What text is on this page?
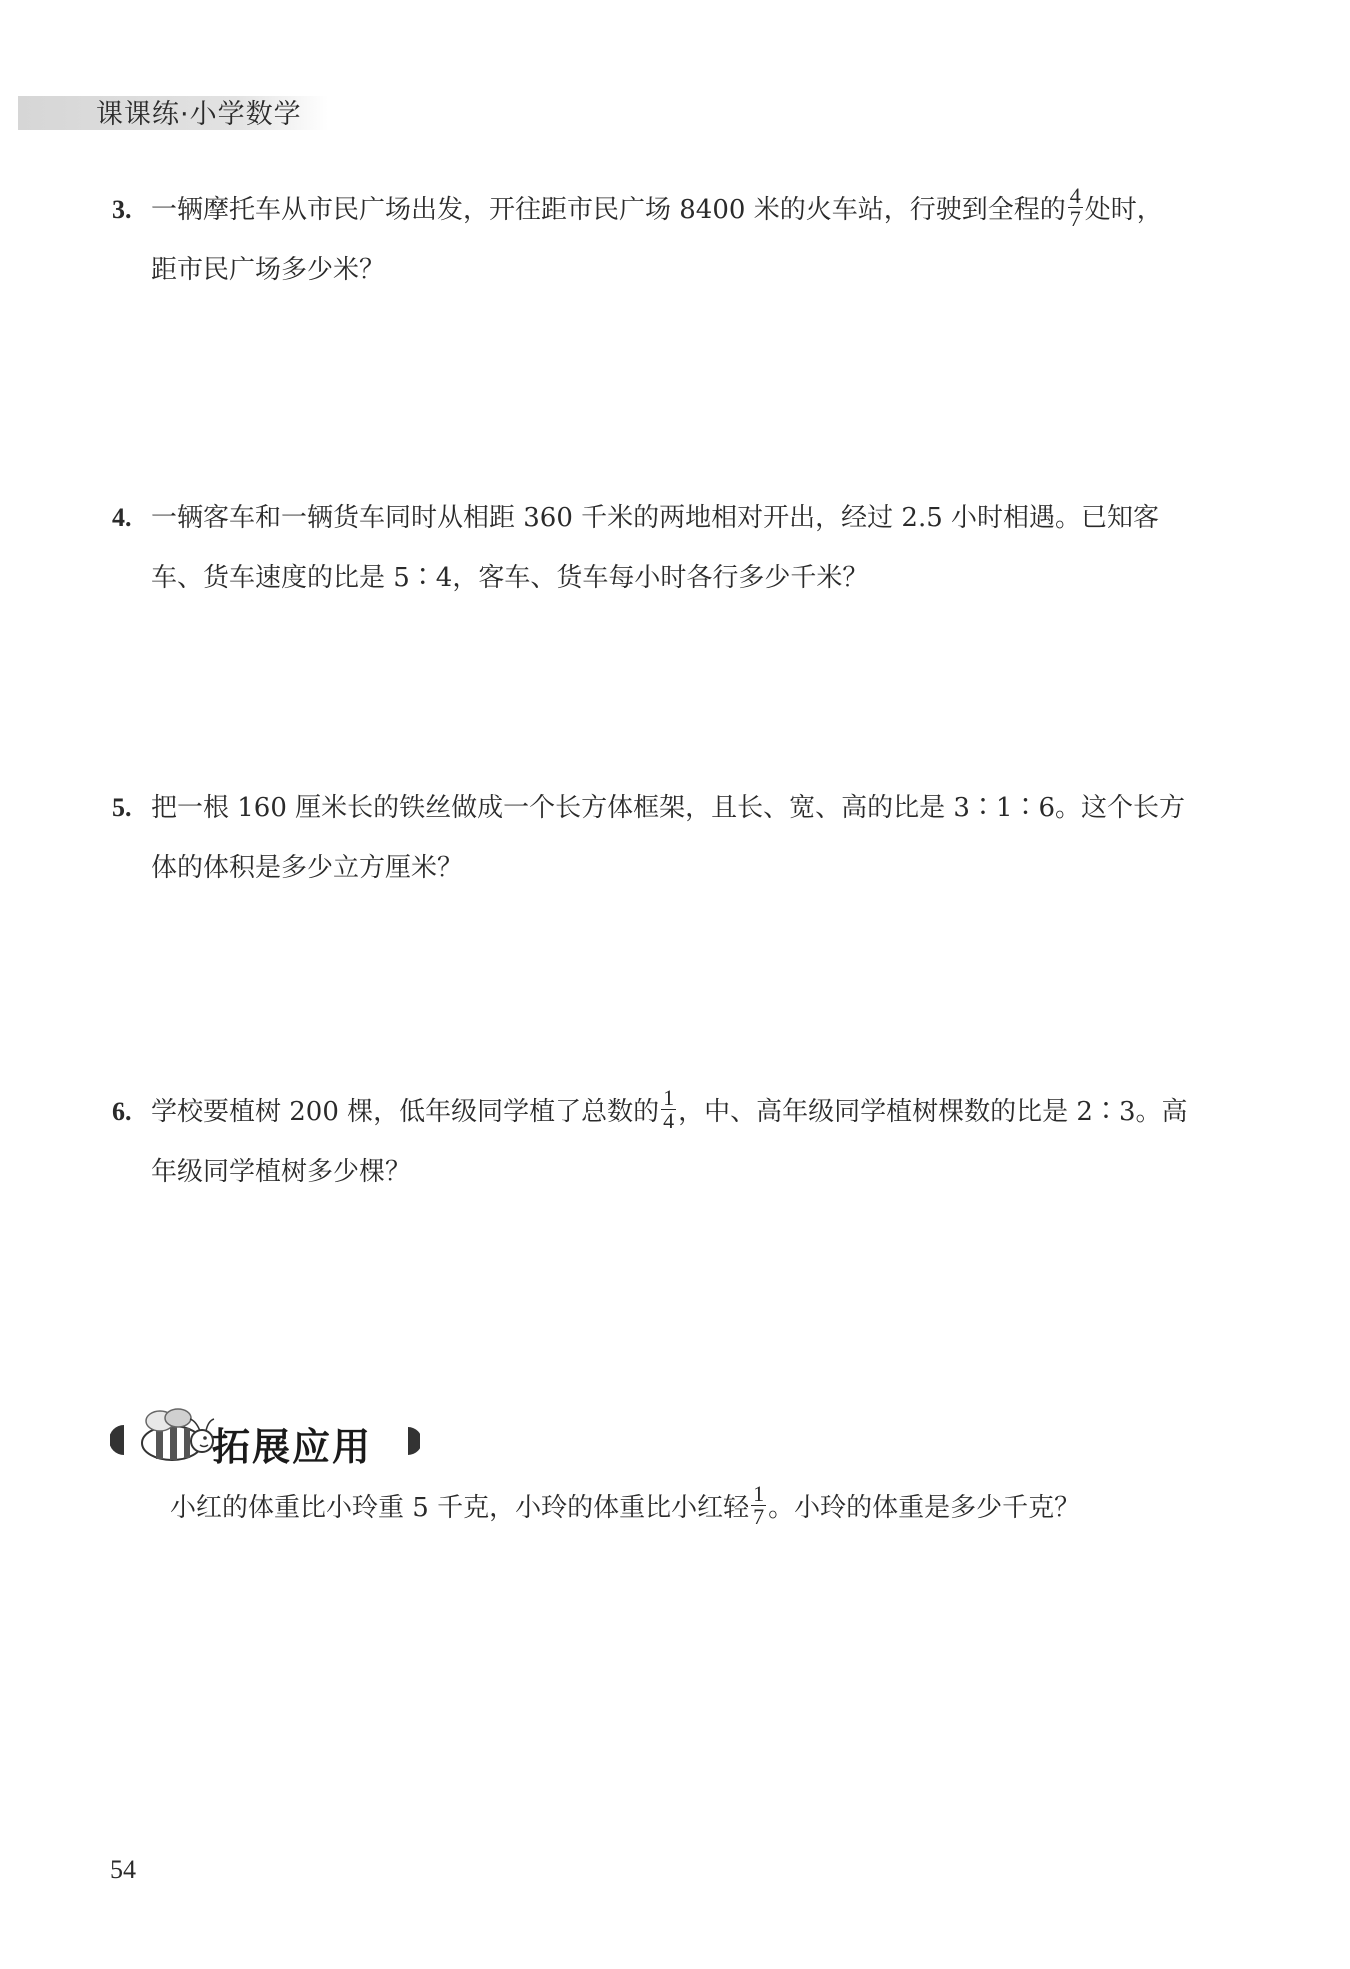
课课练·小学数学
3. 一辆摩托车从市民广场出发，开往距市民广场 8400 米的火车站，行驶到全程的 $\frac{4}{7}$ 处时，
距市民广场多少米？
4. 一辆客车和一辆货车同时从相距 360 千米的两地相对开出，经过 2.5 小时相遇。已知客
车、货车速度的比是 5∶4，客车、货车每小时各行多少千米？
5. 把一根 160 厘米长的铁丝做成一个长方体框架，且长、宽、高的比是 3∶1∶6。这个长方
体的体积是多少立方厘米？
6. 学校要植树 200 棵，低年级同学植了总数的 $\frac{1}{4}$ ，中、高年级同学植树棵数的比是 2∶3。高
年级同学植树多少棵？
拓展应用
小红的体重比小玲重 5 千克，小玲的体重比小红轻 $\frac{1}{7}$ 。小玲的体重是多少千克？
54
